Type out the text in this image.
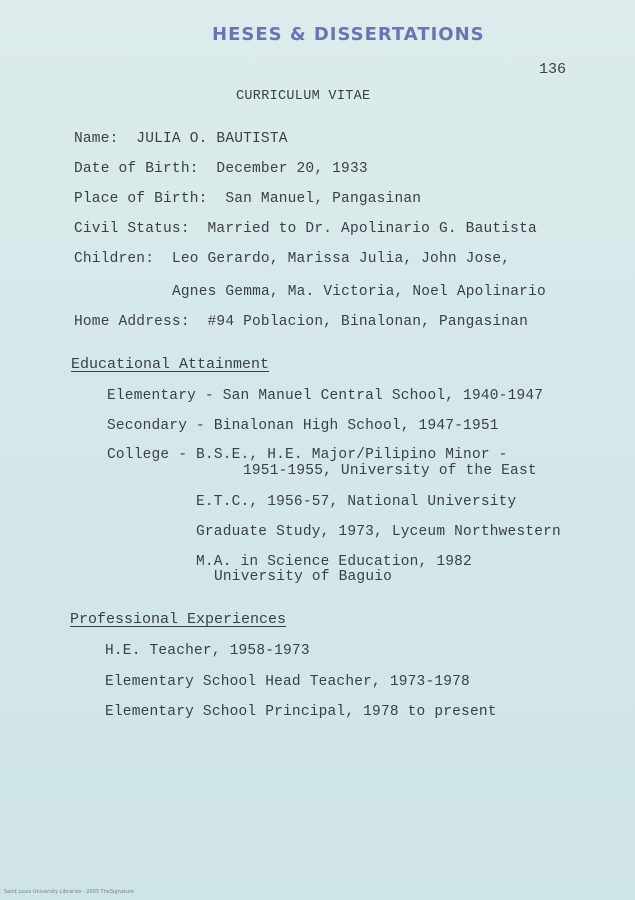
HESES & DISSERTATIONS
136
CURRICULUM VITAE
Name:  JULIA O. BAUTISTA
Date of Birth:  December 20, 1933
Place of Birth:  San Manuel, Pangasinan
Civil Status:  Married to Dr. Apolinario G. Bautista
Children:  Leo Gerardo, Marissa Julia, John Jose,
Agnes Gemma, Ma. Victoria, Noel Apolinario
Home Address:  #94 Poblacion, Binalonan, Pangasinan
Educational Attainment
Elementary - San Manuel Central School, 1940-1947
Secondary - Binalonan High School, 1947-1951
College - B.S.E., H.E. Major/Pilipino Minor -
1951-1955, University of the East
E.T.C., 1956-57, National University
Graduate Study, 1973, Lyceum Northwestern
M.A. in Science Education, 1982
University of Baguio
Professional Experiences
H.E. Teacher, 1958-1973
Elementary School Head Teacher, 1973-1978
Elementary School Principal, 1978 to present
Saint Louis University Libraries - 2003 TheSignature
